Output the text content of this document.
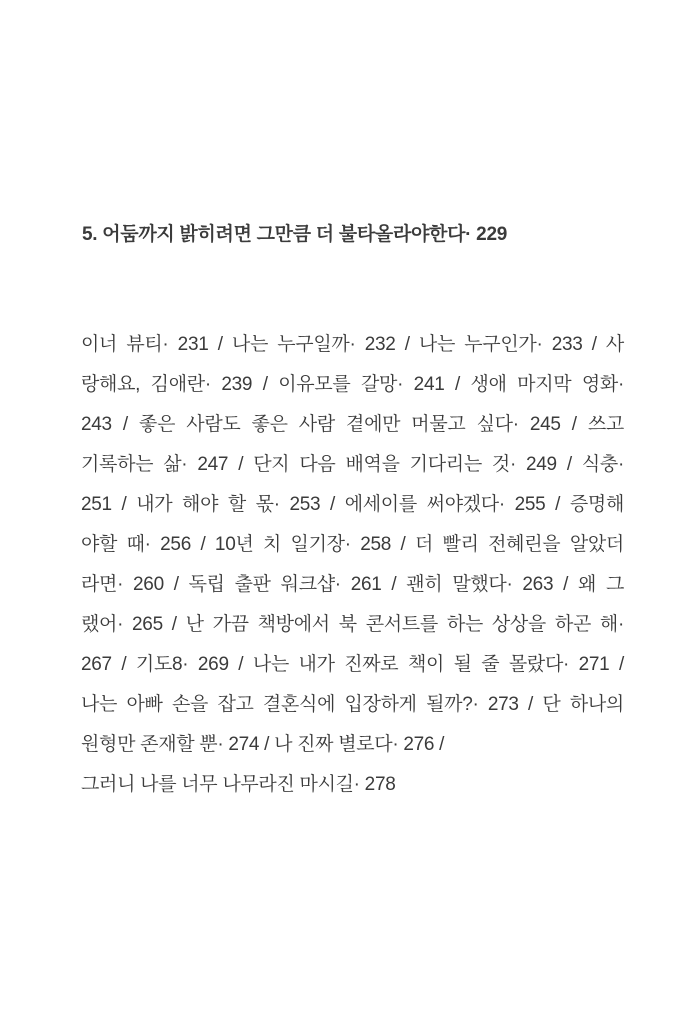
5. 어둠까지 밝히려면 그만큼 더 불타올라야한다· 229
이너 뷰티· 231 / 나는 누구일까· 232 / 나는 누구인가· 233 / 사
랑해요, 김애란· 239 / 이유모를 갈망· 241 / 생애 마지막 영화·
243 / 좋은 사람도 좋은 사람 곁에만 머물고 싶다· 245 / 쓰고
기록하는 삶· 247 / 단지 다음 배역을 기다리는 것· 249 / 식충·
251 / 내가 해야 할 몫· 253 / 에세이를 써야겠다· 255 / 증명해
야할 때· 256 / 10년 치 일기장· 258 / 더 빨리 전혜린을 알았더
라면· 260 / 독립 출판 워크샵· 261 / 괜히 말했다· 263 / 왜 그
랬어· 265 / 난 가끔 책방에서 북 콘서트를 하는 상상을 하곤 해·
267 / 기도8· 269 / 나는 내가 진짜로 책이 될 줄 몰랐다· 271 /
나는 아빠 손을 잡고 결혼식에 입장하게 될까?· 273 / 단 하나의
원형만 존재할 뿐· 274 / 나 진짜 별로다· 276 /
그러니 나를 너무 나무라진 마시길· 278
